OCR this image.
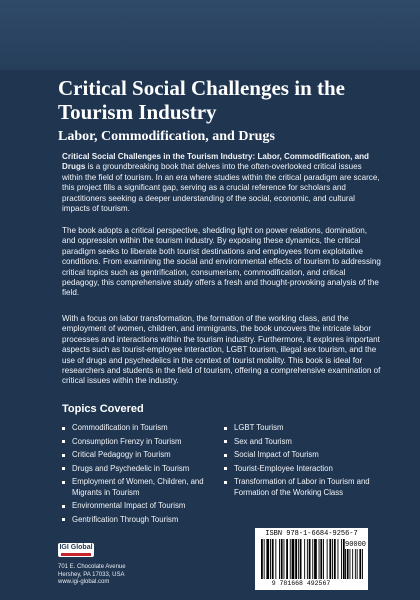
Critical Social Challenges in the Tourism Industry
Labor, Commodification, and Drugs

Critical Social Challenges in the Tourism Industry: Labor, Commodification, and Drugs is a groundbreaking book that delves into the often-overlooked critical issues within the field of tourism. In an era where studies within the critical paradigm are scarce, this project fills a significant gap, serving as a crucial reference for scholars and practitioners seeking a deeper understanding of the social, economic, and cultural impacts of tourism.

The book adopts a critical perspective, shedding light on power relations, domination, and oppression within the tourism industry. By exposing these dynamics, the critical paradigm seeks to liberate both tourist destinations and employees from exploitative conditions. From examining the social and environmental effects of tourism to addressing critical topics such as gentrification, consumerism, commodification, and critical pedagogy, this comprehensive study offers a fresh and thought-provoking analysis of the field.

With a focus on labor transformation, the formation of the working class, and the employment of women, children, and immigrants, the book uncovers the intricate labor processes and interactions within the tourism industry. Furthermore, it explores important aspects such as tourist-employee interaction, LGBT tourism, illegal sex tourism, and the use of drugs and psychedelics in the context of tourist mobility. This book is ideal for researchers and students in the field of tourism, offering a comprehensive examination of critical issues within the industry.

Topics Covered
Commodification in Tourism
Consumption Frenzy in Tourism
Critical Pedagogy in Tourism
Drugs and Psychedelic in Tourism
Employment of Women, Children, and Migrants in Tourism
Environmental Impact of Tourism
Gentrification Through Tourism
LGBT Tourism
Sex and Tourism
Social Impact of Tourism
Tourist-Employee Interaction
Transformation of Labor in Tourism and Formation of the Working Class
IGI Global
701 E. Chocolate Avenue
Hershey, PA 17033, USA
www.igi-global.com
ISBN 978-1-6684-9256-7
90000
9 781668 492567
